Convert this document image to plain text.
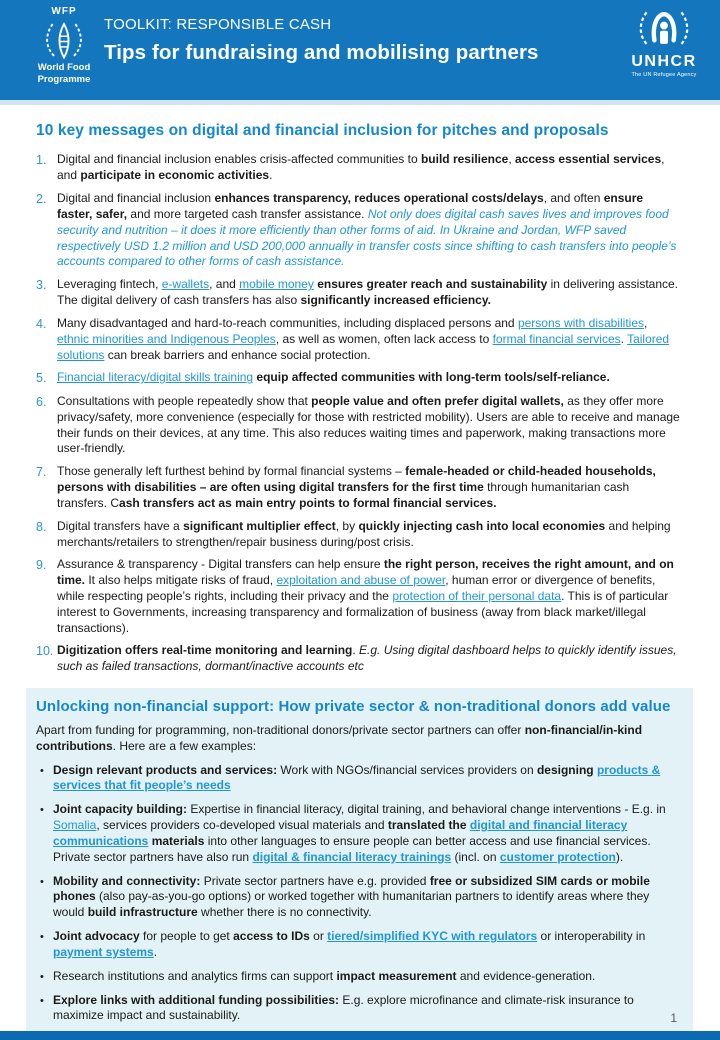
WFP
World Food
Programme
TOOLKIT: RESPONSIBLE CASH
Tips for fundraising and mobilising partners	UNHCR
The UN Refugee Agency
10 key messages on digital and financial inclusion for pitches and proposals
1. Digital and financial inclusion enables crisis-affected communities to build resilience, access essential services, and participate in economic activities.
2. Digital and financial inclusion enhances transparency, reduces operational costs/delays, and often ensure faster, safer, and more targeted cash transfer assistance. Not only does digital cash saves lives and improves food security and nutrition – it does it more efficiently than other forms of aid. In Ukraine and Jordan, WFP saved respectively USD 1.2 million and USD 200,000 annually in transfer costs since shifting to cash transfers into people’s accounts compared to other forms of cash assistance.
3. Leveraging fintech, e-wallets, and mobile money ensures greater reach and sustainability in delivering assistance. The digital delivery of cash transfers has also significantly increased efficiency.
4. Many disadvantaged and hard-to-reach communities, including displaced persons and persons with disabilities, ethnic minorities and Indigenous Peoples, as well as women, often lack access to formal financial services. Tailored solutions can break barriers and enhance social protection.
5. Financial literacy/digital skills training equip affected communities with long-term tools/self-reliance.
6. Consultations with people repeatedly show that people value and often prefer digital wallets, as they offer more privacy/safety, more convenience (especially for those with restricted mobility). Users are able to receive and manage their funds on their devices, at any time. This also reduces waiting times and paperwork, making transactions more user-friendly.
7. Those generally left furthest behind by formal financial systems – female-headed or child-headed households, persons with disabilities – are often using digital transfers for the first time through humanitarian cash transfers. Cash transfers act as main entry points to formal financial services.
8. Digital transfers have a significant multiplier effect, by quickly injecting cash into local economies and helping merchants/retailers to strengthen/repair business during/post crisis.
9. Assurance & transparency - Digital transfers can help ensure the right person, receives the right amount, and on time. It also helps mitigate risks of fraud, exploitation and abuse of power, human error or divergence of benefits, while respecting people’s rights, including their privacy and the protection of their personal data. This is of particular interest to Governments, increasing transparency and formalization of business (away from black market/illegal transactions).
10. Digitization offers real-time monitoring and learning. E.g. Using digital dashboard helps to quickly identify issues, such as failed transactions, dormant/inactive accounts etc
Unlocking non-financial support: How private sector & non-traditional donors add value

Apart from funding for programming, non-traditional donors/private sector partners can offer non-financial/in-kind contributions. Here are a few examples:

•
Design relevant products and services: Work with NGOs/financial services providers on designing products & services that fit people’s needs
•
Joint capacity building: Expertise in financial literacy, digital training, and behavioral change interventions - E.g. in Somalia, services providers co-developed visual materials and translated the digital and financial literacy communications materials into other languages to ensure people can better access and use financial services. Private sector partners have also run digital & financial literacy trainings (incl. on customer protection).
•
Mobility and connectivity: Private sector partners have e.g. provided free or subsidized SIM cards or mobile phones (also pay-as-you-go options) or worked together with humanitarian partners to identify areas where they would build infrastructure whether there is no connectivity.
•
Joint advocacy for people to get access to IDs or tiered/simplified KYC with regulators or interoperability in payment systems.
•
Research institutions and analytics firms can support impact measurement and evidence-generation.
•
Explore links with additional funding possibilities: E.g. explore microfinance and climate-risk insurance to maximize impact and sustainability.	1
